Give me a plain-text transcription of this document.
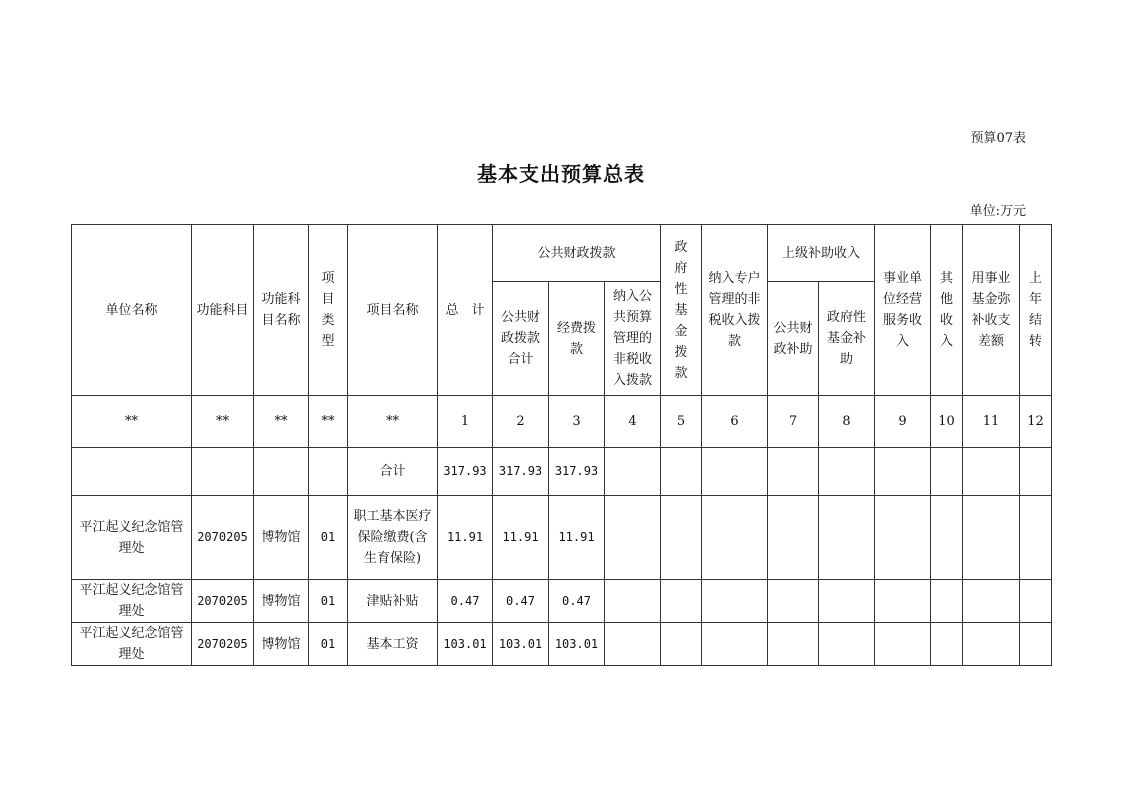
预算07表
基本支出预算总表
单位:万元
单位名称	功能科目	功能科目名称	项目类型	项目名称	总　计	公共财政拨款			政府性基金拨款	纳入专户管理的非税收入拨款	上级补助收入		事业单位经营服务收入	其他收入	用事业基金弥补收支差额	上年结转

						公共财政拨款合计	经费拨款	纳入公共预算管理的非税收入拨款			公共财政补助	政府性基金补助				
**	**	**	**	**	1	2	3	4	5	6	7	8	9	10	11	12
				合计	317.93	317.93	317.93									
平江起义纪念馆管理处	2070205	博物馆	01	职工基本医疗保险缴费(含生育保险)	11.91	11.91	11.91									
平江起义纪念馆管理处	2070205	博物馆	01	津贴补贴	0.47	0.47	0.47									
平江起义纪念馆管理处	2070205	博物馆	01	基本工资	103.01	103.01	103.01									
